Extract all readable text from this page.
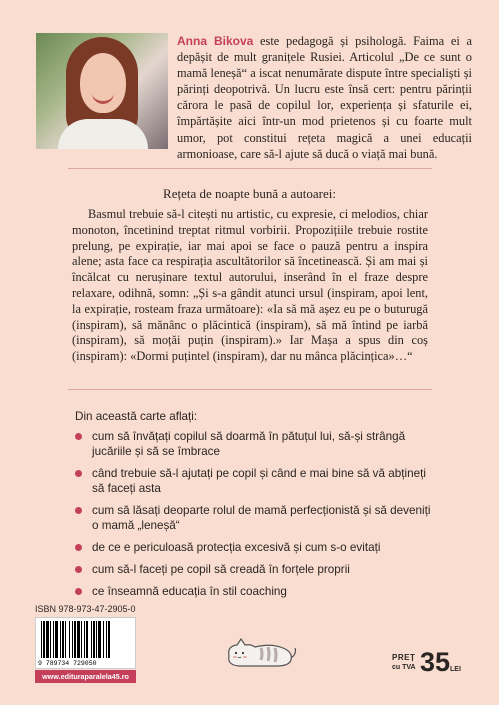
Anna Bikova este pedagogă și psihologă. Faima ei a depășit de mult granițele Rusiei. Articolul „De ce sunt o mamă leneșă“ a iscat nenumărate dispute între specialiști și părinți deopotrivă. Un lucru este însă cert: pentru părinții cărora le pasă de copilul lor, experiența și sfaturile ei, împărtășite aici într-un mod prietenos și cu foarte mult umor, pot constitui rețeta magică a unei educații armonioase, care să-l ajute să ducă o viață mai bună.

Rețeta de noapte bună a autoarei:

Basmul trebuie să-l citești nu artistic, cu expresie, ci melodios, chiar monoton, încetinind treptat ritmul vorbirii. Propozițiile trebuie rostite prelung, pe expirație, iar mai apoi se face o pauză pentru a inspira alene; asta face ca respirația ascultătorilor să încetinească. Și am mai și încălcat cu nerușinare textul autorului, inserând în el fraze despre relaxare, odihnă, somn: „Și s-a gândit atunci ursul (inspiram, apoi lent, la expirație, rosteam fraza următoare): «Ia să mă așez eu pe o buturugă (inspiram), să mănânc o plăcintică (inspiram), să mă întind pe iarbă (inspiram), să moțăi puțin (inspiram).» Iar Mașa a spus din coș (inspiram): «Dormi puțintel (inspiram), dar nu mânca plăcințica»…“

Din această carte aflați:

cum să învățați copilul să doarmă în pătuțul lui, să-și strângă jucăriile și să se îmbrace
când trebuie să-l ajutați pe copil și când e mai bine să vă abțineți să faceți asta
cum să lăsați deoparte rolul de mamă perfecționistă și să deveniți o mamă „leneșă“
de ce e periculoasă protecția excesivă și cum s-o evitați
cum să-l faceți pe copil să creadă în forțele proprii
ce înseamnă educația în stil coaching
ISBN 978-973-47-2905-0
9 789734 729050
www.edituraparalela45.ro
PREȚ
cu TVA 35 LEI
